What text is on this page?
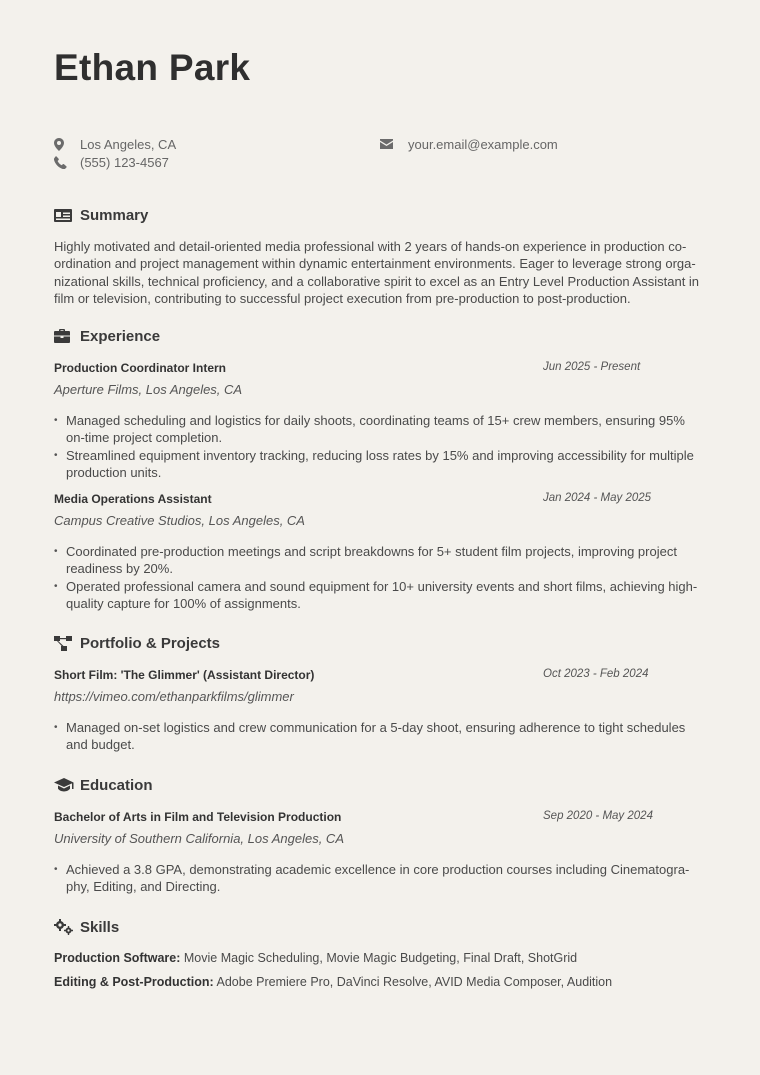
Ethan Park
Los Angeles, CA
(555) 123-4567
your.email@example.com
Summary
Highly motivated and detail-oriented media professional with 2 years of hands-on experience in production co-ordination and project management within dynamic entertainment environments. Eager to leverage strong orga-nizational skills, technical proficiency, and a collaborative spirit to excel as an Entry Level Production Assistant in film or television, contributing to successful project execution from pre-production to post-production.
Experience
Production Coordinator Intern	Jun 2025 - Present
Aperture Films, Los Angeles, CA
• Managed scheduling and logistics for daily shoots, coordinating teams of 15+ crew members, ensuring 95% on-time project completion.
• Streamlined equipment inventory tracking, reducing loss rates by 15% and improving accessibility for multiple production units.
Media Operations Assistant	Jan 2024 - May 2025
Campus Creative Studios, Los Angeles, CA
• Coordinated pre-production meetings and script breakdowns for 5+ student film projects, improving project readiness by 20%.
• Operated professional camera and sound equipment for 10+ university events and short films, achieving high-quality capture for 100% of assignments.
Portfolio & Projects
Short Film: 'The Glimmer' (Assistant Director)	Oct 2023 - Feb 2024
https://vimeo.com/ethanparkfilms/glimmer
• Managed on-set logistics and crew communication for a 5-day shoot, ensuring adherence to tight schedules and budget.
Education
Bachelor of Arts in Film and Television Production	Sep 2020 - May 2024
University of Southern California, Los Angeles, CA
• Achieved a 3.8 GPA, demonstrating academic excellence in core production courses including Cinematogra-phy, Editing, and Directing.
Skills
Production Software: Movie Magic Scheduling, Movie Magic Budgeting, Final Draft, ShotGrid
Editing & Post-Production: Adobe Premiere Pro, DaVinci Resolve, AVID Media Composer, Audition
